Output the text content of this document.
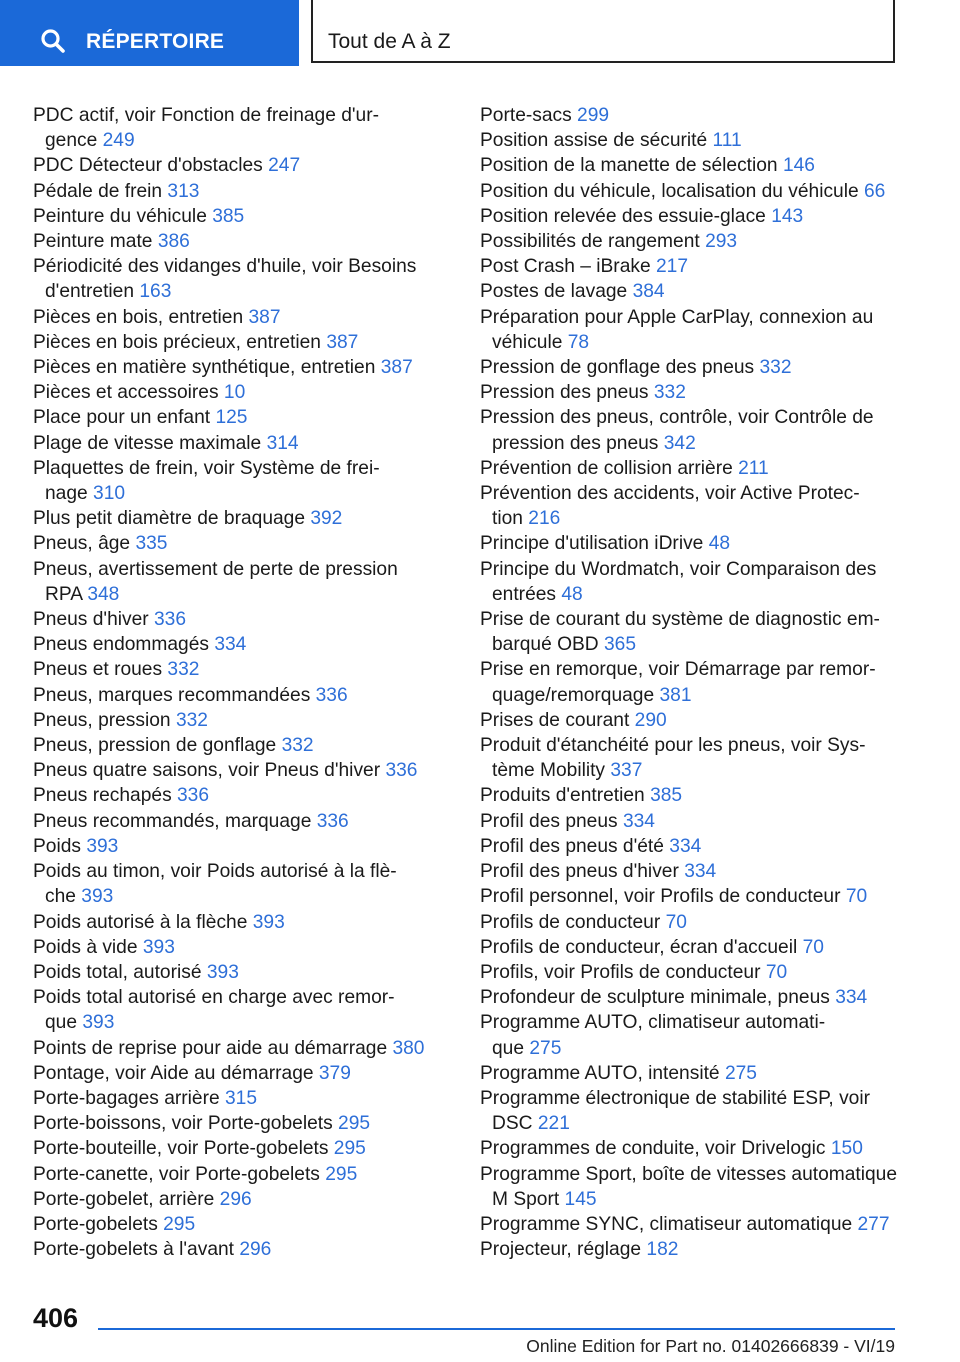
RÉPERTOIRE	Tout de A à Z
PDC actif, voir Fonction de freinage d'ur-
gence 249
PDC Détecteur d'obstacles 247
Pédale de frein 313
Peinture du véhicule 385
Peinture mate 386
Périodicité des vidanges d'huile, voir Besoins
d'entretien 163
Pièces en bois, entretien 387
Pièces en bois précieux, entretien 387
Pièces en matière synthétique, entretien 387
Pièces et accessoires 10
Place pour un enfant 125
Plage de vitesse maximale 314
Plaquettes de frein, voir Système de frei-
nage 310
Plus petit diamètre de braquage 392
Pneus, âge 335
Pneus, avertissement de perte de pression
RPA 348
Pneus d'hiver 336
Pneus endommagés 334
Pneus et roues 332
Pneus, marques recommandées 336
Pneus, pression 332
Pneus, pression de gonflage 332
Pneus quatre saisons, voir Pneus d'hiver 336
Pneus rechapés 336
Pneus recommandés, marquage 336
Poids 393
Poids au timon, voir Poids autorisé à la flè-
che 393
Poids autorisé à la flèche 393
Poids à vide 393
Poids total, autorisé 393
Poids total autorisé en charge avec remor-
que 393
Points de reprise pour aide au démarrage 380
Pontage, voir Aide au démarrage 379
Porte-bagages arrière 315
Porte-boissons, voir Porte-gobelets 295
Porte-bouteille, voir Porte-gobelets 295
Porte-canette, voir Porte-gobelets 295
Porte-gobelet, arrière 296
Porte-gobelets 295
Porte-gobelets à l'avant 296
Porte-sacs 299
Position assise de sécurité 111
Position de la manette de sélection 146
Position du véhicule, localisation du véhicule 66
Position relevée des essuie-glace 143
Possibilités de rangement 293
Post Crash – iBrake 217
Postes de lavage 384
Préparation pour Apple CarPlay, connexion au
véhicule 78
Pression de gonflage des pneus 332
Pression des pneus 332
Pression des pneus, contrôle, voir Contrôle de
pression des pneus 342
Prévention de collision arrière 211
Prévention des accidents, voir Active Protec-
tion 216
Principe d'utilisation iDrive 48
Principe du Wordmatch, voir Comparaison des
entrées 48
Prise de courant du système de diagnostic em-
barqué OBD 365
Prise en remorque, voir Démarrage par remor-
quage/remorquage 381
Prises de courant 290
Produit d'étanchéité pour les pneus, voir Sys-
tème Mobility 337
Produits d'entretien 385
Profil des pneus 334
Profil des pneus d'été 334
Profil des pneus d'hiver 334
Profil personnel, voir Profils de conducteur 70
Profils de conducteur 70
Profils de conducteur, écran d'accueil 70
Profils, voir Profils de conducteur 70
Profondeur de sculpture minimale, pneus 334
Programme AUTO, climatiseur automati-
que 275
Programme AUTO, intensité 275
Programme électronique de stabilité ESP, voir
DSC 221
Programmes de conduite, voir Drivelogic 150
Programme Sport, boîte de vitesses automatique
M Sport 145
Programme SYNC, climatiseur automatique 277
Projecteur, réglage 182
406
Online Edition for Part no. 01402666839 - VI/19
